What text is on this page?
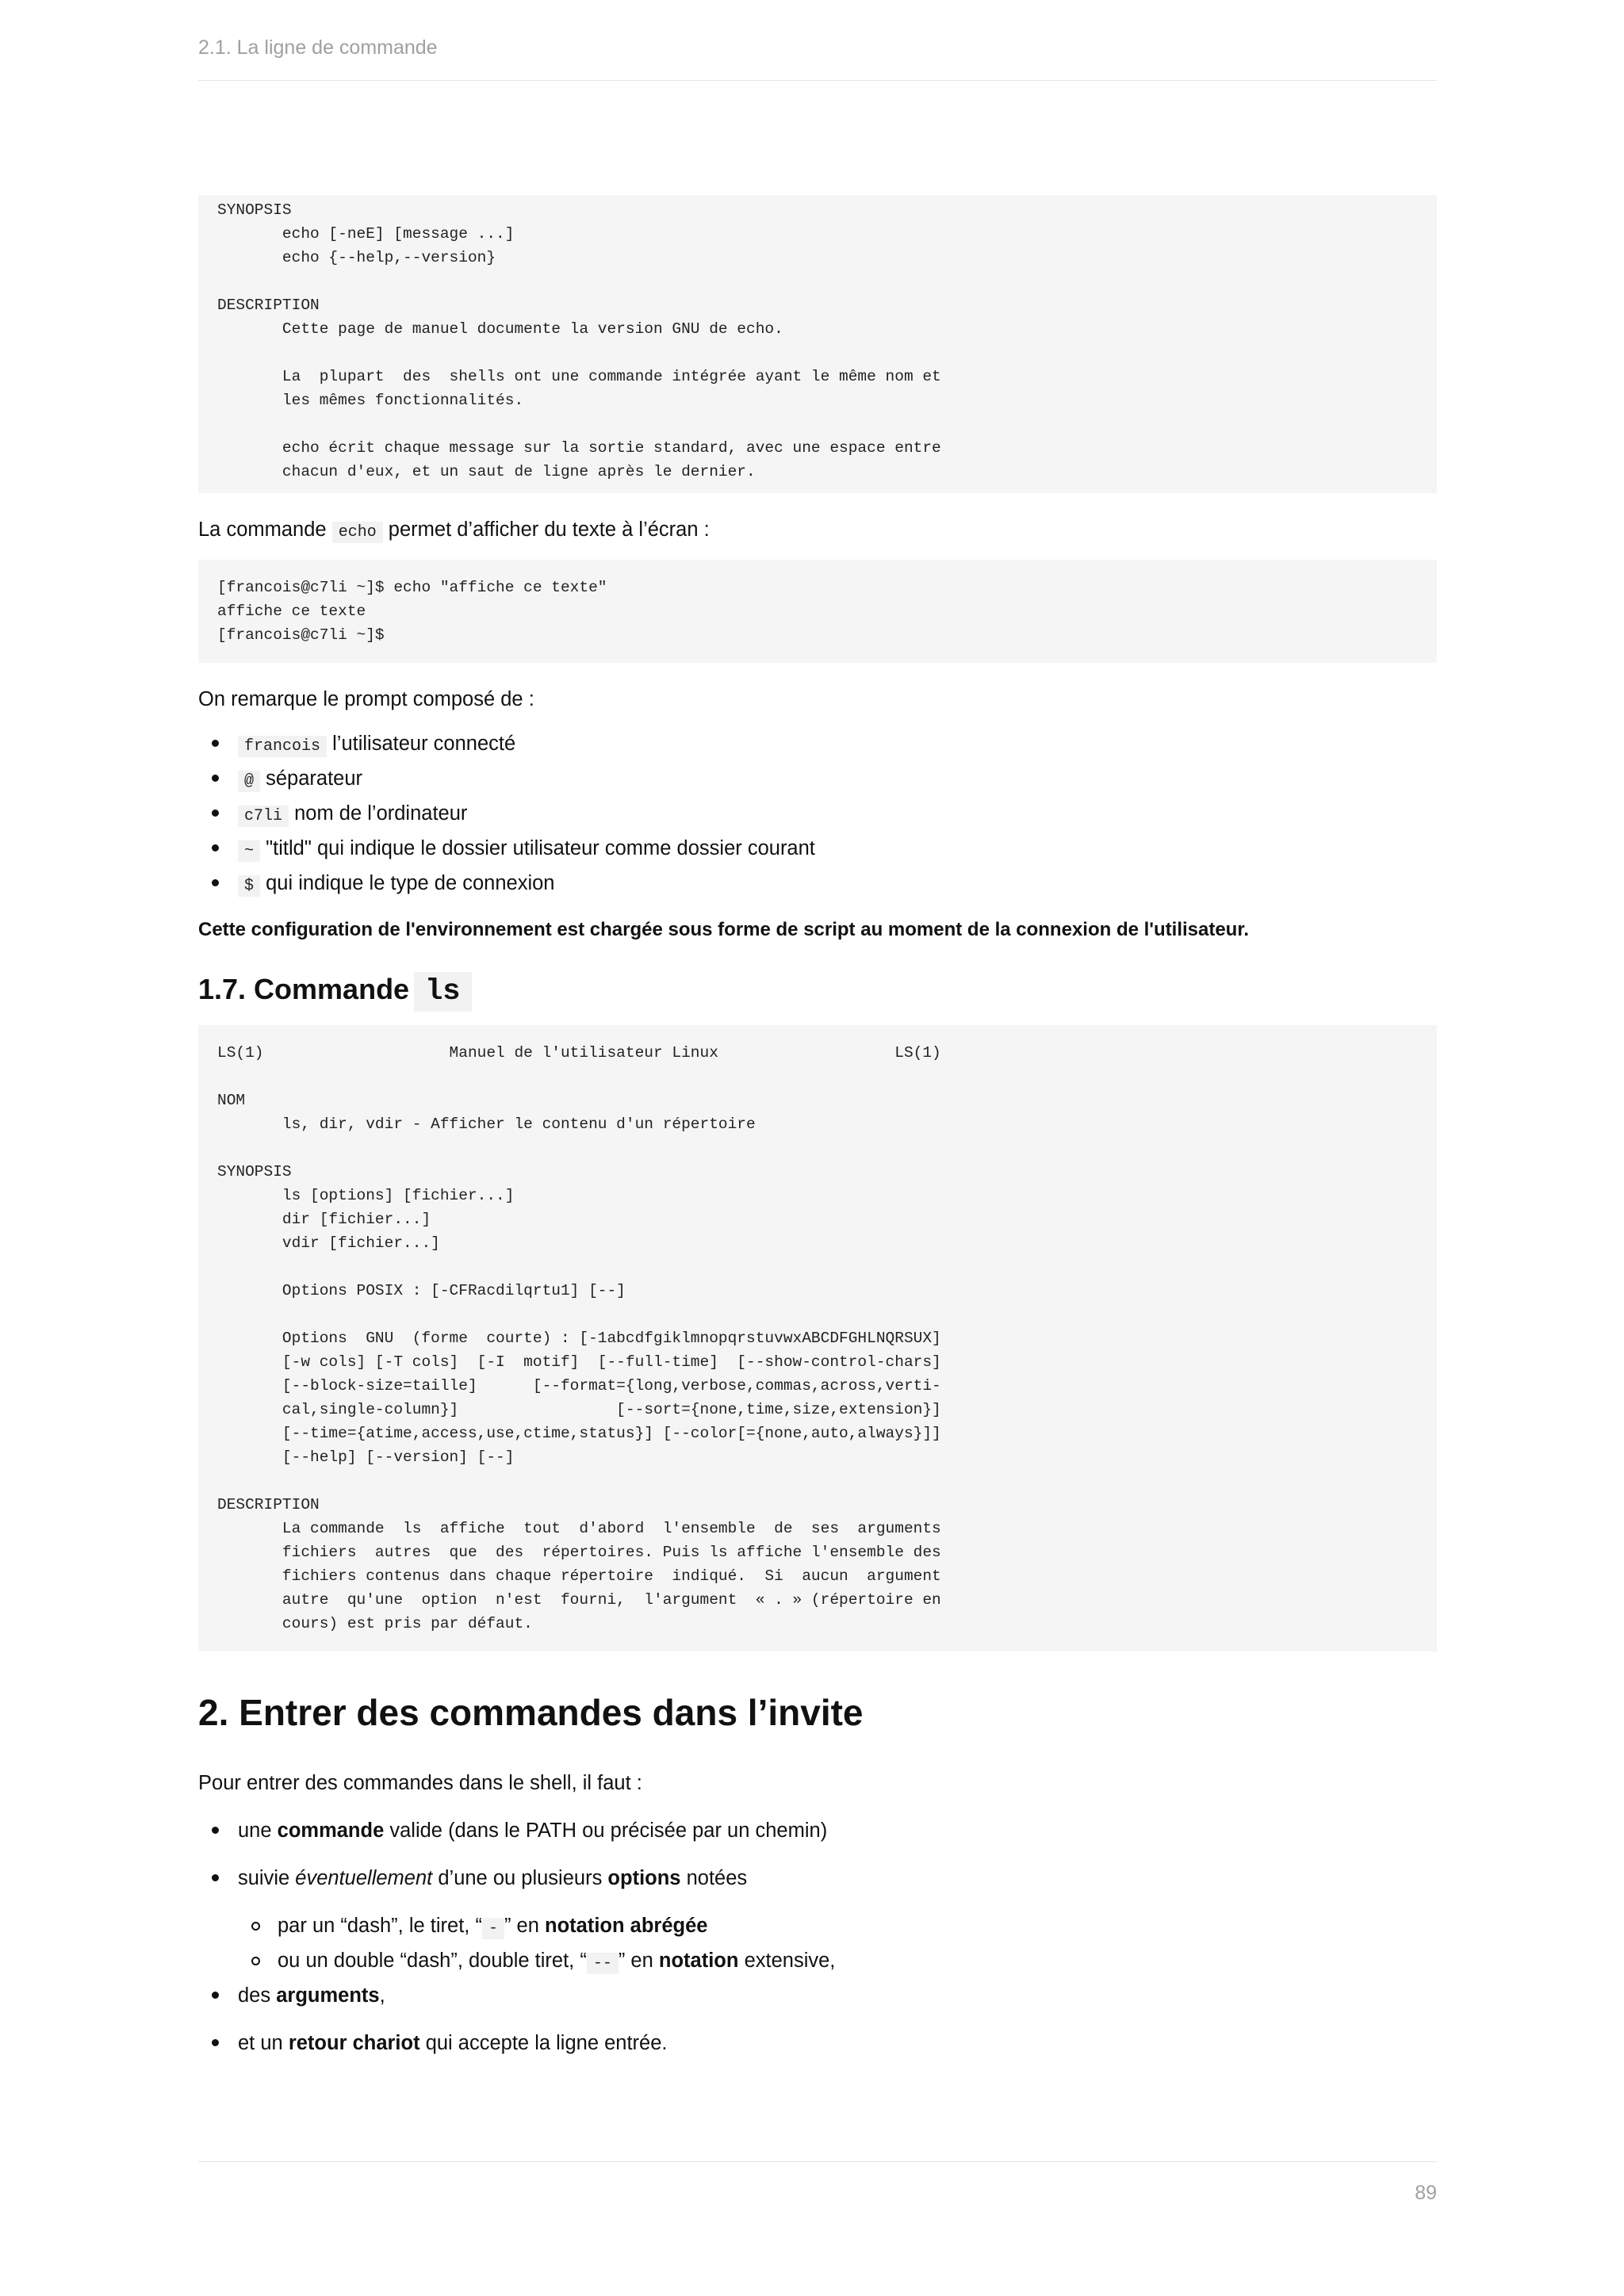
2.1. La ligne de commande
SYNOPSIS
echo [-neE] [message ...]
echo {--help,--version}
DESCRIPTION
Cette page de manuel documente la version GNU de echo.
La  plupart  des  shells ont une commande intégrée ayant le même nom et
les mêmes fonctionnalités.
echo écrit chaque message sur la sortie standard, avec une espace entre
chacun d'eux, et un saut de ligne après le dernier.

La commande echo permet d’afficher du texte à l’écran :

[francois@c7li ~]$ echo "affiche ce texte"
affiche ce texte
[francois@c7li ~]$

On remarque le prompt composé de :

francois l’utilisateur connecté
@ séparateur
c7li nom de l’ordinateur
~ "titld" qui indique le dossier utilisateur comme dossier courant
$ qui indique le type de connexion

Cette configuration de l'environnement est chargée sous forme de script au moment de la connexion de l'utilisateur.

1.7. Commande ls
LS(1)                    Manuel de l'utilisateur Linux                   LS(1)
NOM
ls, dir, vdir - Afficher le contenu d'un répertoire
SYNOPSIS
ls [options] [fichier...]
dir [fichier...]
vdir [fichier...]
Options POSIX : [-CFRacdilqrtu1] [--]
Options  GNU  (forme  courte) : [-1abcdfgiklmnopqrstuvwxABCDFGHLNQRSUX]
[-w cols] [-T cols]  [-I  motif]  [--full-time]  [--show-control-chars]
[--block-size=taille]      [--format={long,verbose,commas,across,verti-
cal,single-column}]                 [--sort={none,time,size,extension}]
[--time={atime,access,use,ctime,status}] [--color[={none,auto,always}]]
[--help] [--version] [--]
DESCRIPTION
La commande  ls  affiche  tout  d'abord  l'ensemble  de  ses  arguments
fichiers  autres  que  des  répertoires. Puis ls affiche l'ensemble des
fichiers contenus dans chaque répertoire  indiqué.  Si  aucun  argument
autre  qu'une  option  n'est  fourni,  l'argument  « . » (répertoire en
cours) est pris par défaut.
2. Entrer des commandes dans l’invite

Pour entrer des commandes dans le shell, il faut :

une commande valide (dans le PATH ou précisée par un chemin)
suivie éventuellement d’une ou plusieurs options notées
par un “dash”, le tiret, “ - ” en notation abrégée
ou un double “dash”, double tiret, “ -- ” en notation extensive,
des arguments,
et un retour chariot qui accepte la ligne entrée.
89
